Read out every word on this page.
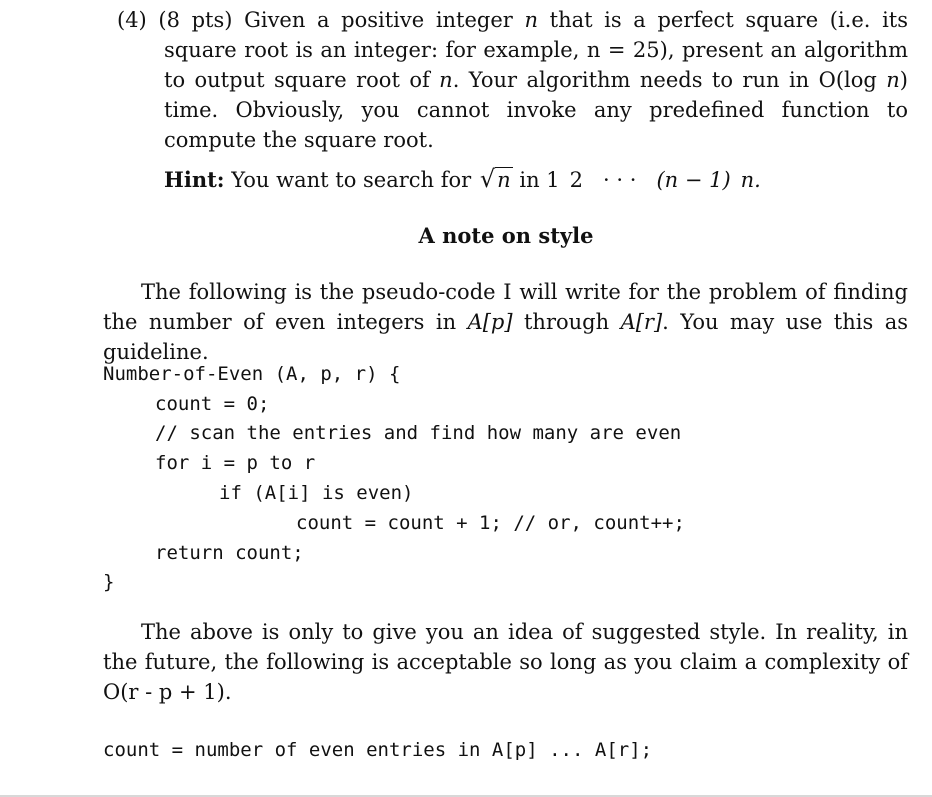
(4) (8 pts) Given a positive integer n that is a perfect square (i.e. its square root is an integer: for example, n = 25), present an algorithm to output square root of n. Your algorithm needs to run in O(log n) time. Obviously, you cannot invoke any predefined function to compute the square root.

Hint: You want to search for √n in 1 2 · · · (n − 1) n.

A note on style

The following is the pseudo-code I will write for the problem of finding the number of even integers in A[p] through A[r]. You may use this as guideline.

Number-of-Even (A, p, r) {
count = 0;
// scan the entries and find how many are even
for i = p to r
if (A[i] is even)
count = count + 1; // or, count++;
return count;
}

The above is only to give you an idea of suggested style. In reality, in the future, the following is acceptable so long as you claim a complexity of O(r - p + 1).

count = number of even entries in A[p] ... A[r];
